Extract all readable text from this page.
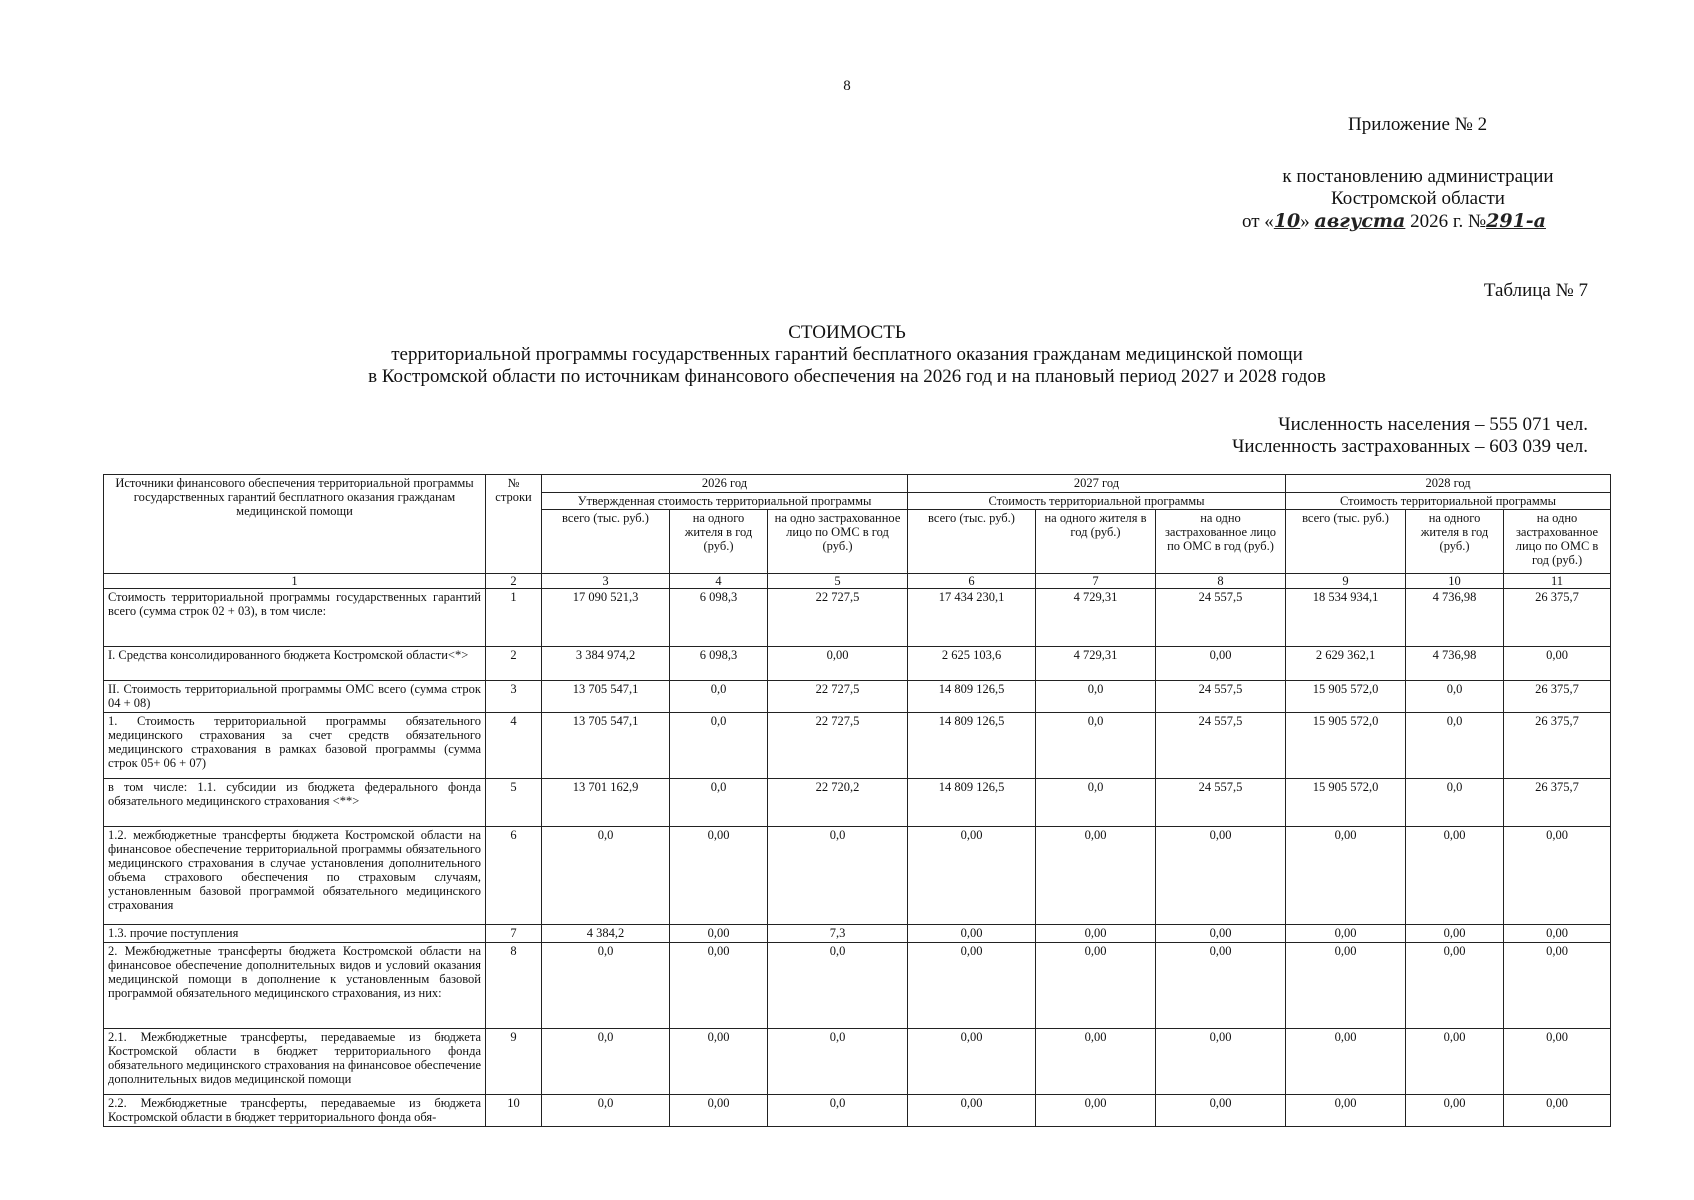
8
Приложение № 2
к постановлению администрации
Костромской области
от «10» августа 2026 г. №291-а
Таблица № 7
СТОИМОСТЬ
территориальной программы государственных гарантий бесплатного оказания гражданам медицинской помощи
в Костромской области по источникам финансового обеспечения на 2026 год и на плановый период 2027 и 2028 годов
Численность населения – 555 071 чел.
Численность застрахованных – 603 039 чел.
Источники финансового обеспечения территориальной программы государственных гарантий бесплатного оказания гражданам медицинской помощи	№ строки	2026 год			2027 год			2028 год		
		Утвержденная стоимость территориальной программы			Стоимость территориальной программы			Стоимость территориальной программы		
		всего (тыс. руб.)	на одного жителя в год (руб.)	на одно застрахованное лицо по ОМС в год (руб.)	всего (тыс. руб.)	на одного жителя в год (руб.)	на одно застрахованное лицо по ОМС в год (руб.)	всего (тыс. руб.)	на одного жителя в год (руб.)	на одно застрахованное лицо по ОМС в год (руб.)
1	2	3	4	5	6	7	8	9	10	11
Стоимость территориальной программы государственных гарантий всего (сумма строк 02 + 03), в том числе:	1	17 090 521,3	6 098,3	22 727,5	17 434 230,1	4 729,31	24 557,5	18 534 934,1	4 736,98	26 375,7
I. Средства консолидированного бюджета Костромской области<*>	2	3 384 974,2	6 098,3	0,00	2 625 103,6	4 729,31	0,00	2 629 362,1	4 736,98	0,00
II. Стоимость территориальной программы ОМС всего (сумма строк 04 + 08)	3	13 705 547,1	0,0	22 727,5	14 809 126,5	0,0	24 557,5	15 905 572,0	0,0	26 375,7
1. Стоимость территориальной программы обязательного медицинского страхования за счет средств обязательного медицинского страхования в рамках базовой программы (сумма строк 05+ 06 + 07)	4	13 705 547,1	0,0	22 727,5	14 809 126,5	0,0	24 557,5	15 905 572,0	0,0	26 375,7
в том числе: 1.1. субсидии из бюджета федерального фонда обязательного медицинского страхования <**>	5	13 701 162,9	0,0	22 720,2	14 809 126,5	0,0	24 557,5	15 905 572,0	0,0	26 375,7
1.2. межбюджетные трансферты бюджета Костромской области на финансовое обеспечение территориальной программы обязательного медицинского страхования в случае установления дополнительного объема страхового обеспечения по страховым случаям, установленным базовой программой обязательного медицинского страхования	6	0,0	0,00	0,0	0,00	0,00	0,00	0,00	0,00	0,00
1.3. прочие поступления	7	4 384,2	0,00	7,3	0,00	0,00	0,00	0,00	0,00	0,00
2. Межбюджетные трансферты бюджета Костромской области на финансовое обеспечение дополнительных видов и условий оказания медицинской помощи в дополнение к установленным базовой программой обязательного медицинского страхования, из них:	8	0,0	0,00	0,0	0,00	0,00	0,00	0,00	0,00	0,00
2.1. Межбюджетные трансферты, передаваемые из бюджета Костромской области в бюджет территориального фонда обязательного медицинского страхования на финансовое обеспечение дополнительных видов медицинской помощи	9	0,0	0,00	0,0	0,00	0,00	0,00	0,00	0,00	0,00
2.2. Межбюджетные трансферты, передаваемые из бюджета Костромской области в бюджет территориального фонда обя-	10	0,0	0,00	0,0	0,00	0,00	0,00	0,00	0,00	0,00
